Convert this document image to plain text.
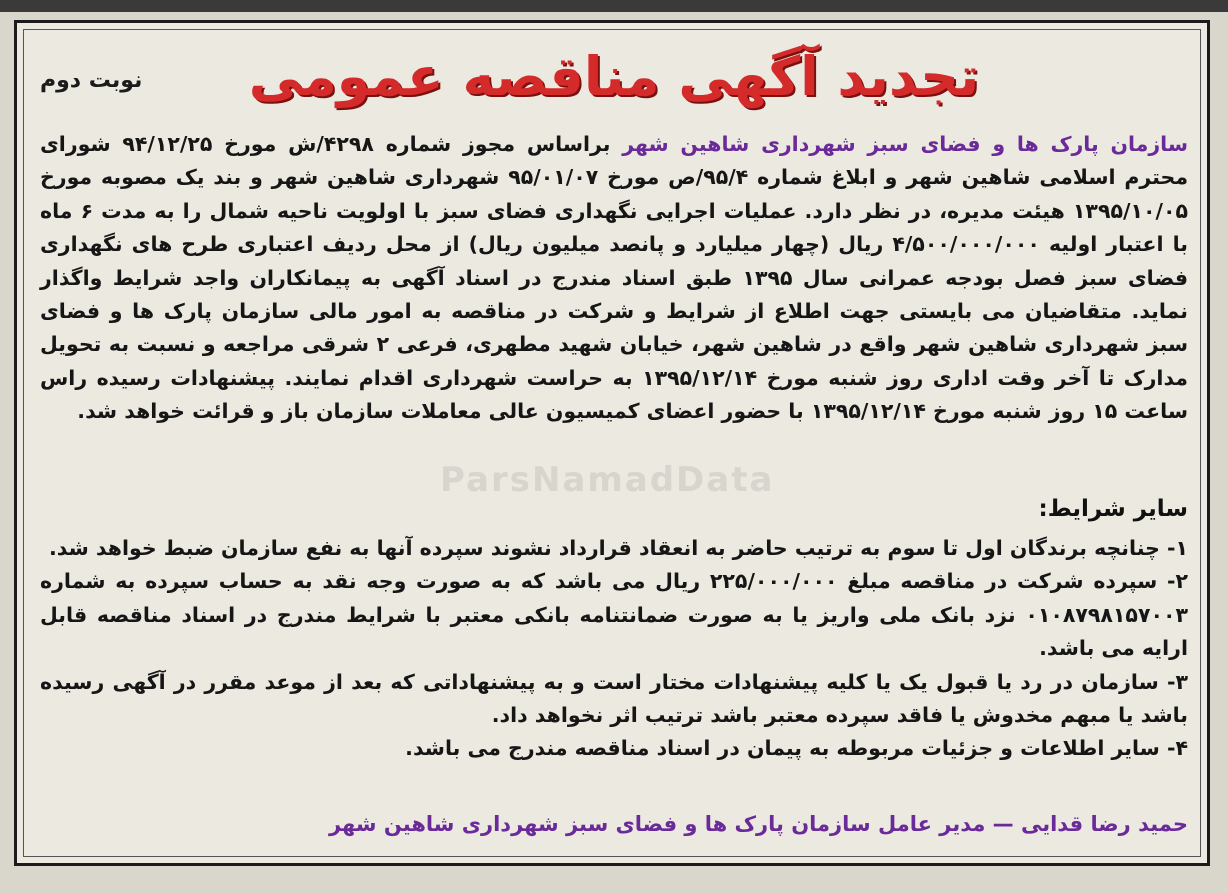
ParsNamadData
تجدید آگهی مناقصه عمومی
نوبت دوم
سازمان پارک ها و فضای سبز شهرداری شاهین شهر براساس مجوز شماره ۴۲۹۸/ش مورخ ۹۴/۱۲/۲۵ شورای محترم اسلامی شاهین شهر و ابلاغ شماره ۹۵/۴/ص مورخ ۹۵/۰۱/۰۷ شهرداری شاهین شهر و بند یک مصوبه مورخ ۱۳۹۵/۱۰/۰۵ هیئت مدیره، در نظر دارد. عملیات اجرایی نگهداری فضای سبز با اولویت ناحیه شمال را به مدت ۶ ماه با اعتبار اولیه ۴/۵۰۰/۰۰۰/۰۰۰ ریال (چهار میلیارد و پانصد میلیون ریال) از محل ردیف اعتباری طرح های نگهداری فضای سبز فصل بودجه عمرانی سال ۱۳۹۵ طبق اسناد مندرج در اسناد آگهی به پیمانکاران واجد شرایط واگذار نماید. متقاضیان می بایستی جهت اطلاع از شرایط و شرکت در مناقصه به امور مالی سازمان پارک ها و فضای سبز شهرداری شاهین شهر واقع در شاهین شهر، خیابان شهید مطهری، فرعی ۲ شرقی مراجعه و نسبت به تحویل مدارک تا آخر وقت اداری روز شنبه مورخ ۱۳۹۵/۱۲/۱۴ به حراست شهرداری اقدام نمایند. پیشنهادات رسیده راس ساعت ۱۵ روز شنبه مورخ ۱۳۹۵/۱۲/۱۴ با حضور اعضای کمیسیون عالی معاملات سازمان باز و قرائت خواهد شد.
سایر شرایط:
۱- چنانچه برندگان اول تا سوم به ترتیب حاضر به انعقاد قرارداد نشوند سپرده آنها به نفع سازمان ضبط خواهد شد.
۲- سپرده شرکت در مناقصه مبلغ ۲۲۵/۰۰۰/۰۰۰ ریال می باشد که به صورت وجه نقد به حساب سپرده به شماره ۰۱۰۸۷۹۸۱۵۷۰۰۳ نزد بانک ملی واریز یا به صورت ضمانتنامه بانکی معتبر با شرایط مندرج در اسناد مناقصه قابل ارایه می باشد.
۳- سازمان در رد یا قبول یک یا کلیه پیشنهادات مختار است و به پیشنهاداتی که بعد از موعد مقرر در آگهی رسیده باشد یا مبهم مخدوش یا فاقد سپرده معتبر باشد ترتیب اثر نخواهد داد.
۴- سایر اطلاعات و جزئیات مربوطه به پیمان در اسناد مناقصه مندرج می باشد.
حمید رضا قدایی — مدیر عامل سازمان پارک ها و فضای سبز شهرداری شاهین شهر
